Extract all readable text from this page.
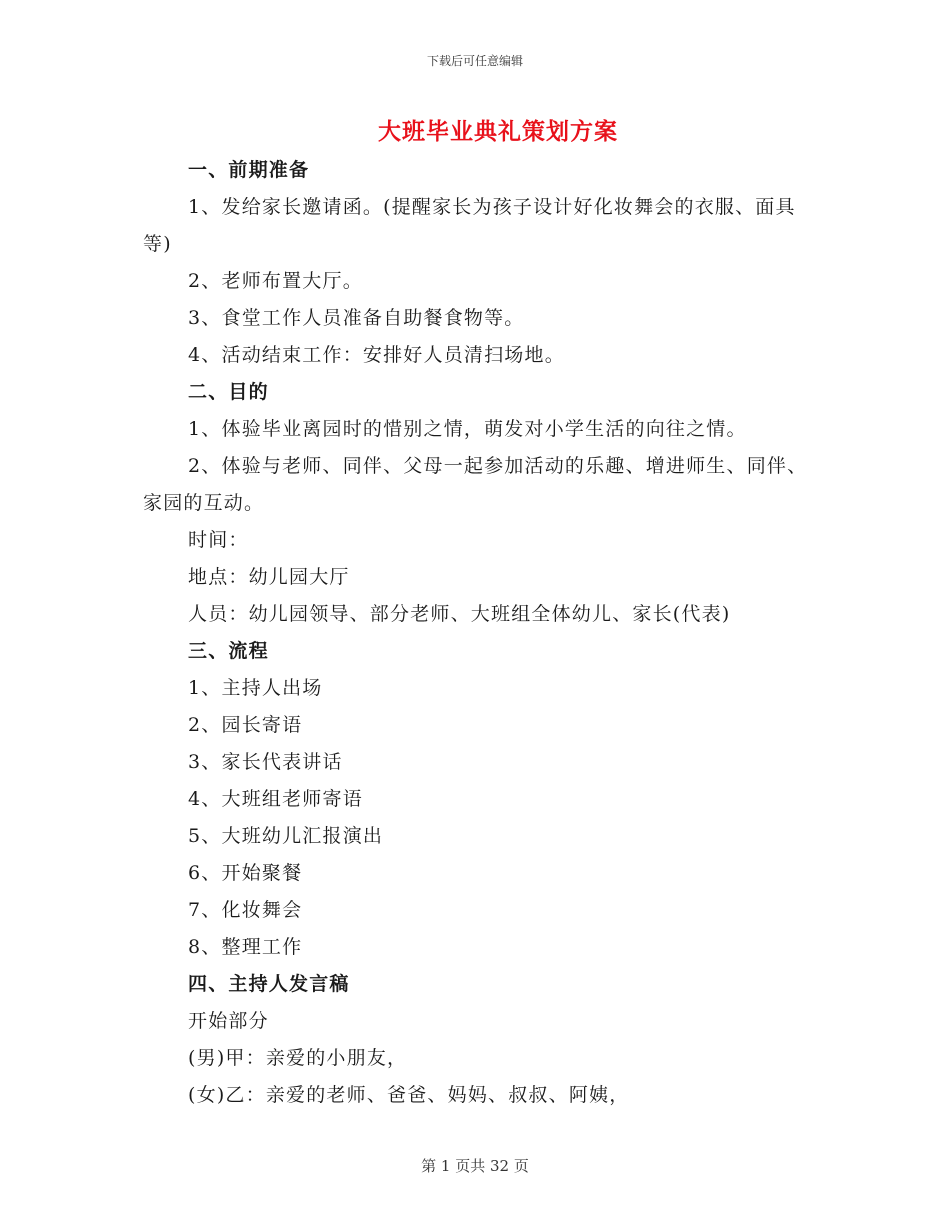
下载后可任意编辑
大班毕业典礼策划方案

一、前期准备

1、发给家长邀请函。(提醒家长为孩子设计好化妆舞会的衣服、面具等)

2、老师布置大厅。

3、食堂工作人员准备自助餐食物等。

4、活动结束工作：安排好人员清扫场地。

二、目的

1、体验毕业离园时的惜别之情，萌发对小学生活的向往之情。

2、体验与老师、同伴、父母一起参加活动的乐趣、增进师生、同伴、家园的互动。

时间：

地点：幼儿园大厅

人员：幼儿园领导、部分老师、大班组全体幼儿、家长(代表)

三、流程

1、主持人出场

2、园长寄语

3、家长代表讲话

4、大班组老师寄语

5、大班幼儿汇报演出

6、开始聚餐

7、化妆舞会

8、整理工作

四、主持人发言稿

开始部分

(男)甲：亲爱的小朋友，

(女)乙：亲爱的老师、爸爸、妈妈、叔叔、阿姨，

第 1 页共 32 页
